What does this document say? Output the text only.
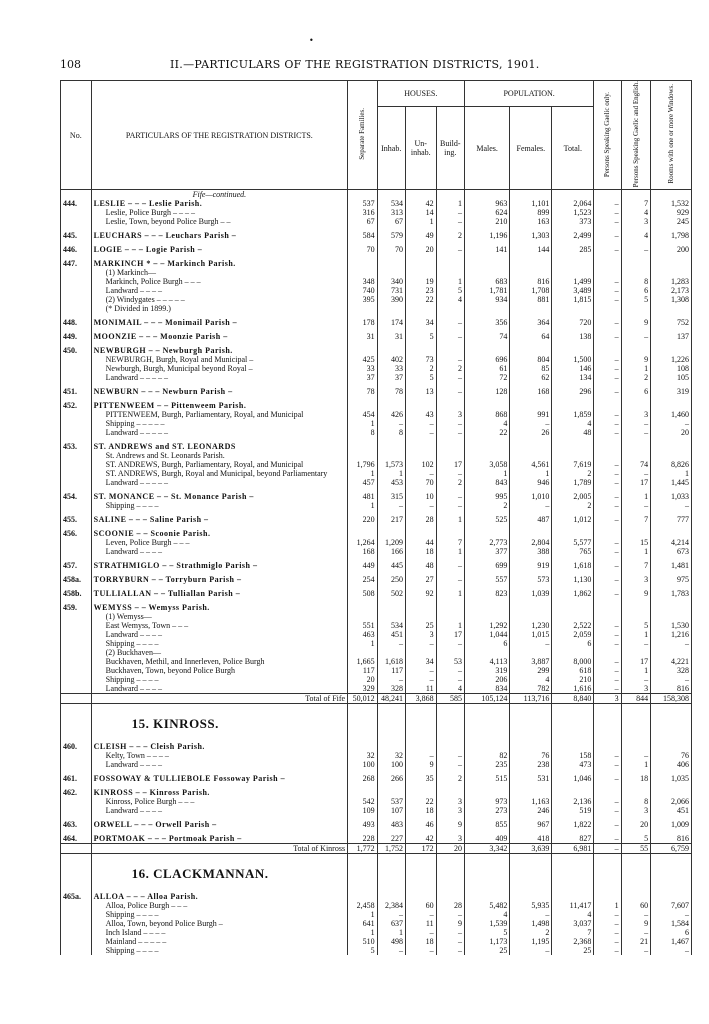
•
108	II.—PARTICULARS OF THE REGISTRATION DISTRICTS, 1901.
No.	PARTICULARS OF THE REGISTRATION DISTRICTS.	Separate Families.	HOUSES.			POPULATION.			Persons Speaking Gaelic only.	Persons Speaking Gaelic and English.	Rooms with one or more Windows.
			Inhab.	Un-inhab.	Build-ing.	Males.	Females.	Total.			
	Fife—continued.										
444.	LESLIE – – – Leslie Parish.	537	534	42	1	963	1,101	2,064	–	7	1,532
	Leslie, Police Burgh – – – –	316	313	14	–	624	899	1,523	–	4	929
	Leslie, Town, beyond Police Burgh – –	67	67	1	–	210	163	373	–	3	245

445.	LEUCHARS – – – Leuchars Parish –	584	579	49	2	1,196	1,303	2,499	–	4	1,798

446.	LOGIE – – – Logie Parish –	70	70	20	–	141	144	285	–	–	200

447.	MARKINCH * – – Markinch Parish.										
	(1) Markinch—										
	Markinch, Police Burgh – – –	348	340	19	1	683	816	1,499	–	8	1,283
	Landward – – – –	740	731	23	5	1,781	1,708	3,489	–	6	2,173
	(2) Windygates – – – – –	395	390	22	4	934	881	1,815	–	5	1,308
	(* Divided in 1899.)										

448.	MONIMAIL – – – Monimail Parish –	178	174	34	–	356	364	720	–	9	752

449.	MOONZIE – – – Moonzie Parish –	31	31	5	–	74	64	138	–	–	137

450.	NEWBURGH – – Newburgh Parish.										
	NEWBURGH, Burgh, Royal and Municipal –	425	402	73	–	696	804	1,500	–	9	1,226
	Newburgh, Burgh, Municipal beyond Royal –	33	33	2	2	61	85	146	–	1	108
	Landward – – – – –	37	37	5	–	72	62	134	–	2	105

451.	NEWBURN – – – Newburn Parish –	78	78	13	–	128	168	296	–	6	319

452.	PITTENWEEM – – Pittenweem Parish.										
	PITTENWEEM, Burgh, Parliamentary, Royal, and Municipal	454	426	43	3	868	991	1,859	–	3	1,460
	Shipping – – – – –	1	–	–	–	4	–	4	–	–	–
	Landward – – – – –	8	8	–	–	22	26	48	–	–	20

453.	ST. ANDREWS and ST. LEONARDS										
	St. Andrews and St. Leonards Parish.										
	ST. ANDREWS, Burgh, Parliamentary, Royal, and Municipal	1,796	1,573	102	17	3,058	4,561	7,619	–	74	8,826
	ST. ANDREWS, Burgh, Royal and Municipal, beyond Parliamentary	1	1	–	–	1	1	2	–	–	1
	Landward – – – – –	457	453	70	2	843	946	1,789	–	17	1,445

454.	ST. MONANCE – – St. Monance Parish –	481	315	10	–	995	1,010	2,005	–	1	1,033
	Shipping – – – –	1	–	–	–	2	–	2	–	–	–

455.	SALINE – – – Saline Parish –	220	217	28	1	525	487	1,012	–	7	777

456.	SCOONIE – – Scoonie Parish.										
	Leven, Police Burgh – – –	1,264	1,209	44	7	2,773	2,804	5,577	–	15	4,214
	Landward – – – –	168	166	18	1	377	388	765	–	1	673

457.	STRATHMIGLO – – Strathmiglo Parish –	449	445	48	–	699	919	1,618	–	7	1,481

458a.	TORRYBURN – – Torryburn Parish –	254	250	27	–	557	573	1,130	–	3	975

458b.	TULLIALLAN – – Tulliallan Parish –	508	502	92	1	823	1,039	1,862	–	9	1,783

459.	WEMYSS – – Wemyss Parish.										
	(1) Wemyss—										
	East Wemyss, Town – – –	551	534	25	1	1,292	1,230	2,522	–	5	1,530
	Landward – – – –	463	451	3	17	1,044	1,015	2,059	–	1	1,216
	Shipping – – – –	1	–	–	–	6	–	6	–	–	–
	(2) Buckhaven—										
	Buckhaven, Methil, and Innerleven, Police Burgh	1,665	1,618	34	53	4,113	3,887	8,000	–	17	4,221
	Buckhaven, Town, beyond Police Burgh	117	117	–	–	319	299	618	–	1	328
	Shipping – – – –	20	–	–	–	206	4	210	–	–	–
	Landward – – – –	329	328	11	4	834	782	1,616	–	3	816
	Total of Fife	50,012	48,241	3,868	585	105,124	113,716	8,840	3	844	158,308
	15. KINROSS.										
460.	CLEISH – – – Cleish Parish.										
	Kelty, Town – – – –	32	32	–	–	82	76	158	–	–	76
	Landward – – – –	100	100	9	–	235	238	473	–	1	406

461.	FOSSOWAY & TULLIEBOLE Fossoway Parish –	268	266	35	2	515	531	1,046	–	18	1,035

462.	KINROSS – – Kinross Parish.										
	Kinross, Police Burgh – – –	542	537	22	3	973	1,163	2,136	–	8	2,066
	Landward – – – –	109	107	18	3	273	246	519	–	3	451

463.	ORWELL – – – Orwell Parish –	493	483	46	9	855	967	1,822	–	20	1,009

464.	PORTMOAK – – – Portmoak Parish –	228	227	42	3	409	418	827	–	5	816
	Total of Kinross	1,772	1,752	172	20	3,342	3,639	6,981	–	55	6,759
	16. CLACKMANNAN.										
465a.	ALLOA – – – Alloa Parish.										
	Alloa, Police Burgh – – –	2,458	2,384	60	28	5,482	5,935	11,417	1	60	7,607
	Shipping – – – –	1	–	–	–	4	–	4	–	–	–
	Alloa, Town, beyond Police Burgh –	641	637	11	9	1,539	1,498	3,037	–	9	1,584
	Inch Island – – – –	1	1	–	–	5	2	7	–	–	6
	Mainland – – – – –	510	498	18	–	1,173	1,195	2,368	–	21	1,467
	Shipping – – – –	5	–	–	–	25	–	25	–	–	–
